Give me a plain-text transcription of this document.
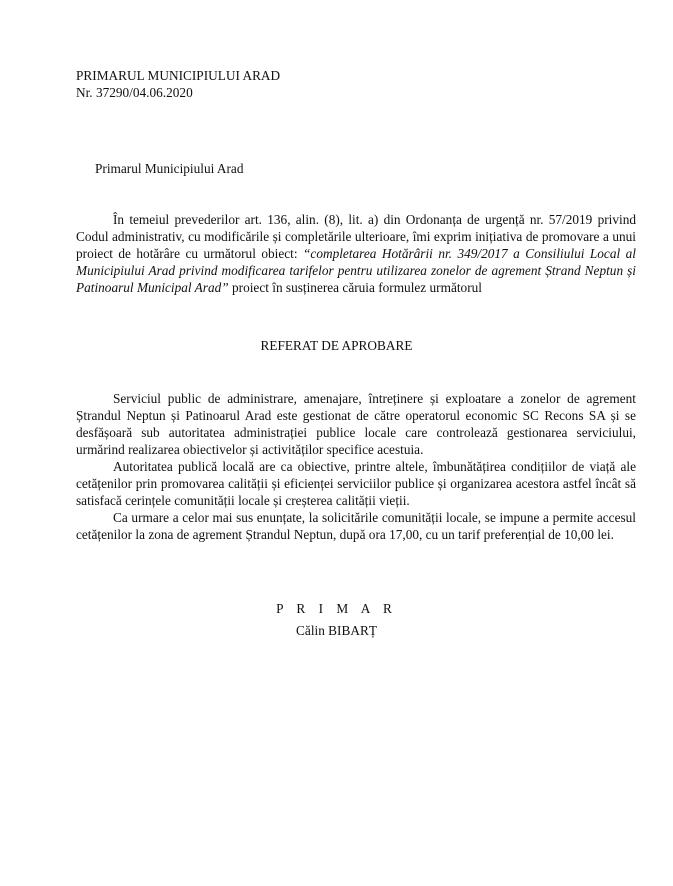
PRIMARUL MUNICIPIULUI ARAD
Nr. 37290/04.06.2020
Primarul Municipiului Arad
În temeiul prevederilor art. 136, alin. (8), lit. a) din Ordonanța de urgență nr. 57/2019 privind Codul administrativ, cu modificările și completările ulterioare, îmi exprim inițiativa de promovare a unui proiect de hotărâre cu următorul obiect: “completarea Hotărârii nr. 349/2017 a Consiliului Local al Municipiului Arad privind modificarea tarifelor pentru utilizarea zonelor de agrement Ștrand Neptun și Patinoarul Municipal Arad” proiect în susținerea căruia formulez următorul
REFERAT DE APROBARE

Serviciul public de administrare, amenajare, întreținere și exploatare a zonelor de agrement Ștrandul Neptun și Patinoarul Arad este gestionat de către operatorul economic SC Recons SA și se desfășoară sub autoritatea administrației publice locale care controlează gestionarea serviciului, urmărind realizarea obiectivelor și activităților specifice acestuia.

Autoritatea publică locală are ca obiective, printre altele, îmbunătățirea condițiilor de viață ale cetățenilor prin promovarea calității și eficienței serviciilor publice și organizarea acestora astfel încât să satisfacă cerințele comunității locale și creșterea calității vieții.

Ca urmare a celor mai sus enunțate, la solicitările comunității locale, se impune a permite accesul cetățenilor la zona de agrement Ștrandul Neptun, după ora 17,00, cu un tarif preferențial de 10,00 lei.

P R I M A R
Călin BIBARȚ
